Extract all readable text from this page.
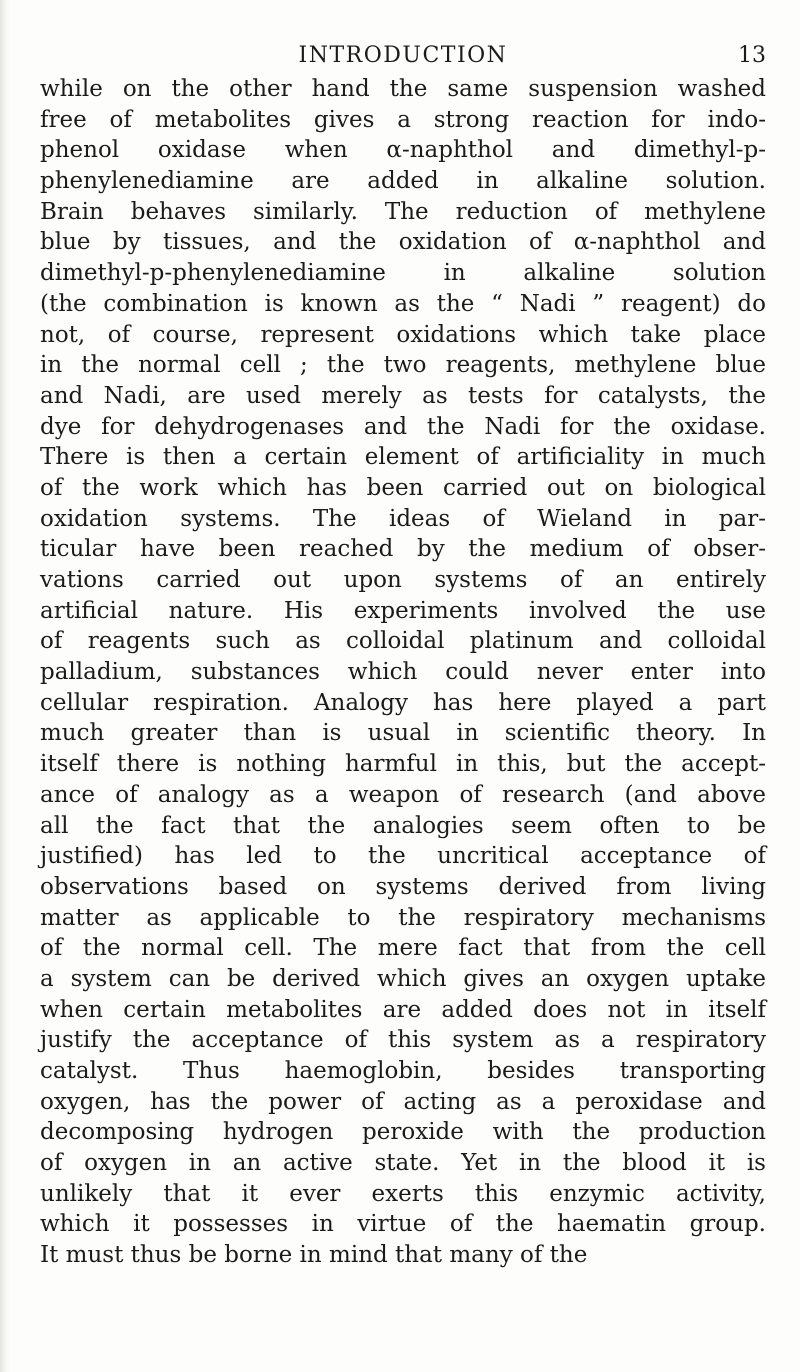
INTRODUCTION	13
while on the other hand the same suspension washed
free of metabolites gives a strong reaction for indo-
phenol oxidase when α-naphthol and dimethyl-p-
phenylenediamine are added in alkaline solution.
Brain behaves similarly. The reduction of methylene
blue by tissues, and the oxidation of α-naphthol and
dimethyl-p-phenylenediamine in alkaline solution
(the combination is known as the “ Nadi ” reagent) do
not, of course, represent oxidations which take place
in the normal cell ; the two reagents, methylene blue
and Nadi, are used merely as tests for catalysts, the
dye for dehydrogenases and the Nadi for the oxidase.
There is then a certain element of artificiality in much
of the work which has been carried out on biological
oxidation systems. The ideas of Wieland in par-
ticular have been reached by the medium of obser-
vations carried out upon systems of an entirely
artificial nature. His experiments involved the use
of reagents such as colloidal platinum and colloidal
palladium, substances which could never enter into
cellular respiration. Analogy has here played a part
much greater than is usual in scientific theory. In
itself there is nothing harmful in this, but the accept-
ance of analogy as a weapon of research (and above
all the fact that the analogies seem often to be
justified) has led to the uncritical acceptance of
observations based on systems derived from living
matter as applicable to the respiratory mechanisms
of the normal cell. The mere fact that from the cell
a system can be derived which gives an oxygen uptake
when certain metabolites are added does not in itself
justify the acceptance of this system as a respiratory
catalyst. Thus haemoglobin, besides transporting
oxygen, has the power of acting as a peroxidase and
decomposing hydrogen peroxide with the production
of oxygen in an active state. Yet in the blood it is
unlikely that it ever exerts this enzymic activity,
which it possesses in virtue of the haematin group.
It must thus be borne in mind that many of the
